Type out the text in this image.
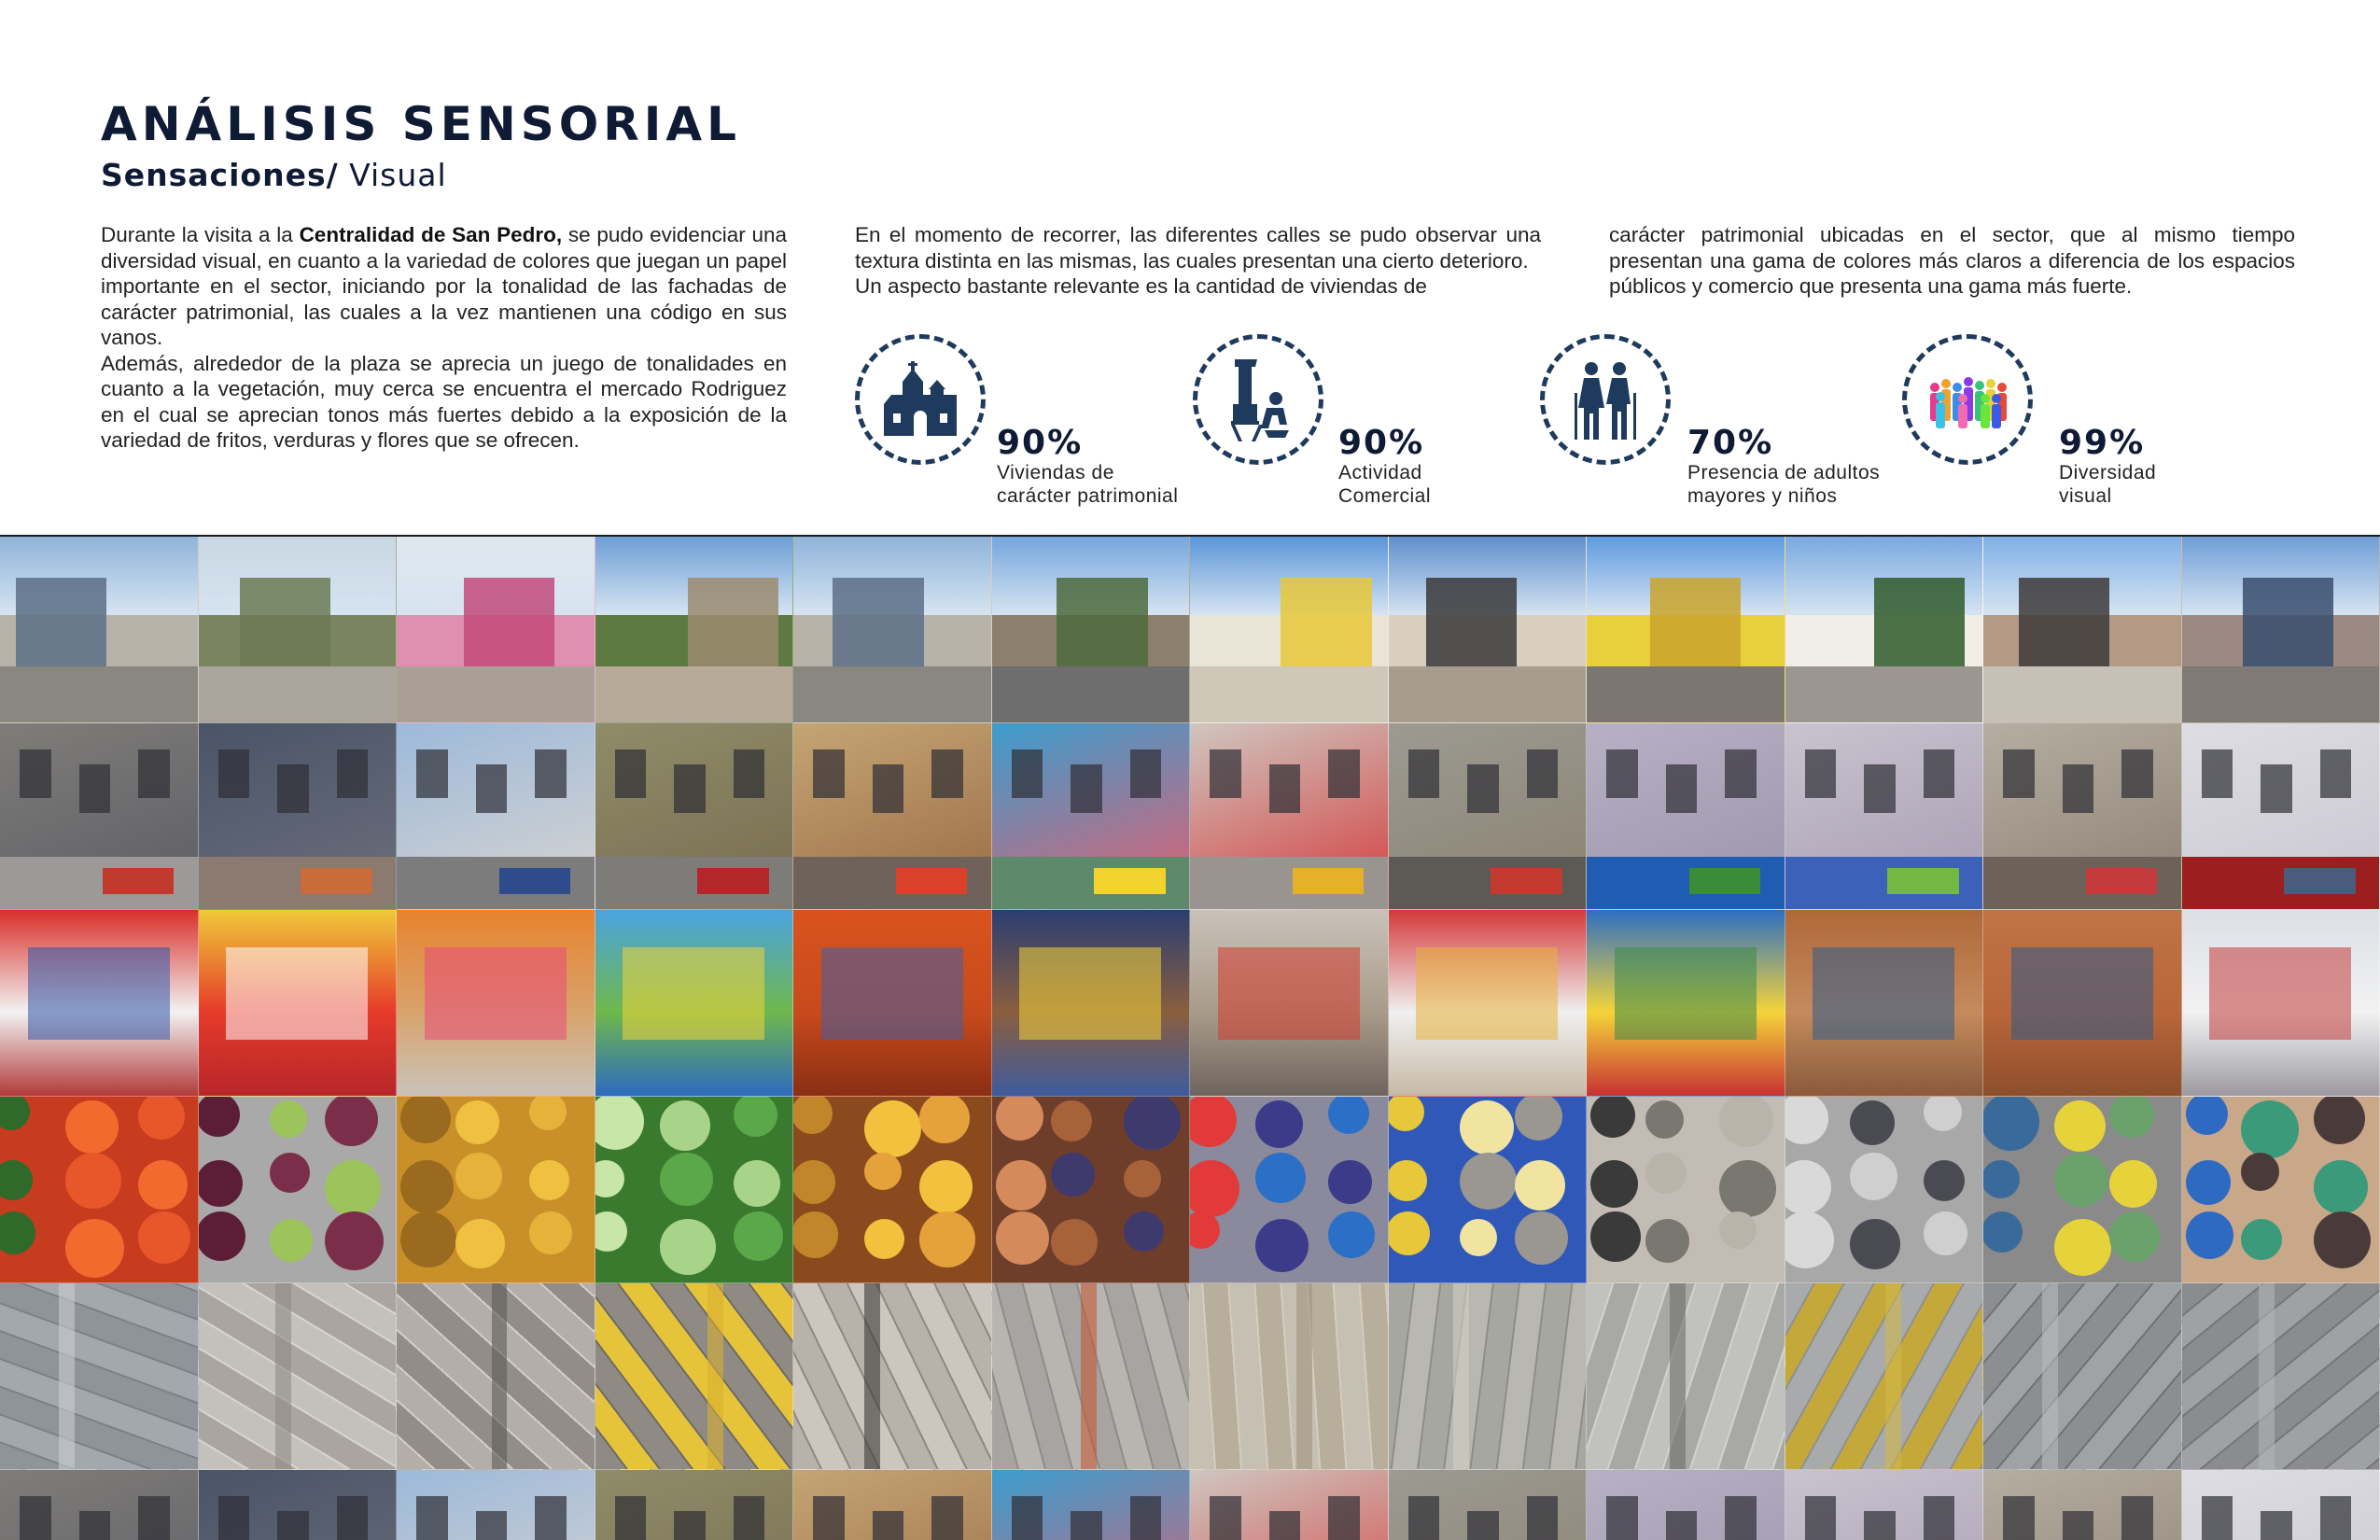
ANÁLISIS SENSORIAL
Sensaciones/ Visual

Durante la visita a la Centralidad de San Pedro, se pudo evidenciar una diversidad visual, en cuanto a la variedad de colores que juegan un papel importante en el sector, iniciando por la tonalidad de las fachadas de carácter patrimonial, las cuales a la vez mantienen una código en sus vanos.

Además, alrededor de la plaza se aprecia un juego de tonalidades en cuanto a la vegetación, muy cerca se encuentra el mercado Rodriguez en el cual se aprecian tonos más fuertes debido a la exposición de la variedad de fritos, verduras y flores que se ofrecen.

En el momento de recorrer, las diferentes calles se pudo observar una textura distinta en las mismas, las cuales presentan una cierto deterioro.

Un aspecto bastante relevante es la cantidad de viviendas de

carácter patrimonial ubicadas en el sector, que al mismo tiempo presentan una gama de colores más claros a diferencia de los espacios públicos y comercio que presenta una gama más fuerte.

90%
Viviendas de
carácter patrimonial
90%
Actividad
Comercial
70%
Presencia de adultos
mayores y niños
99%
Diversidad
visual
